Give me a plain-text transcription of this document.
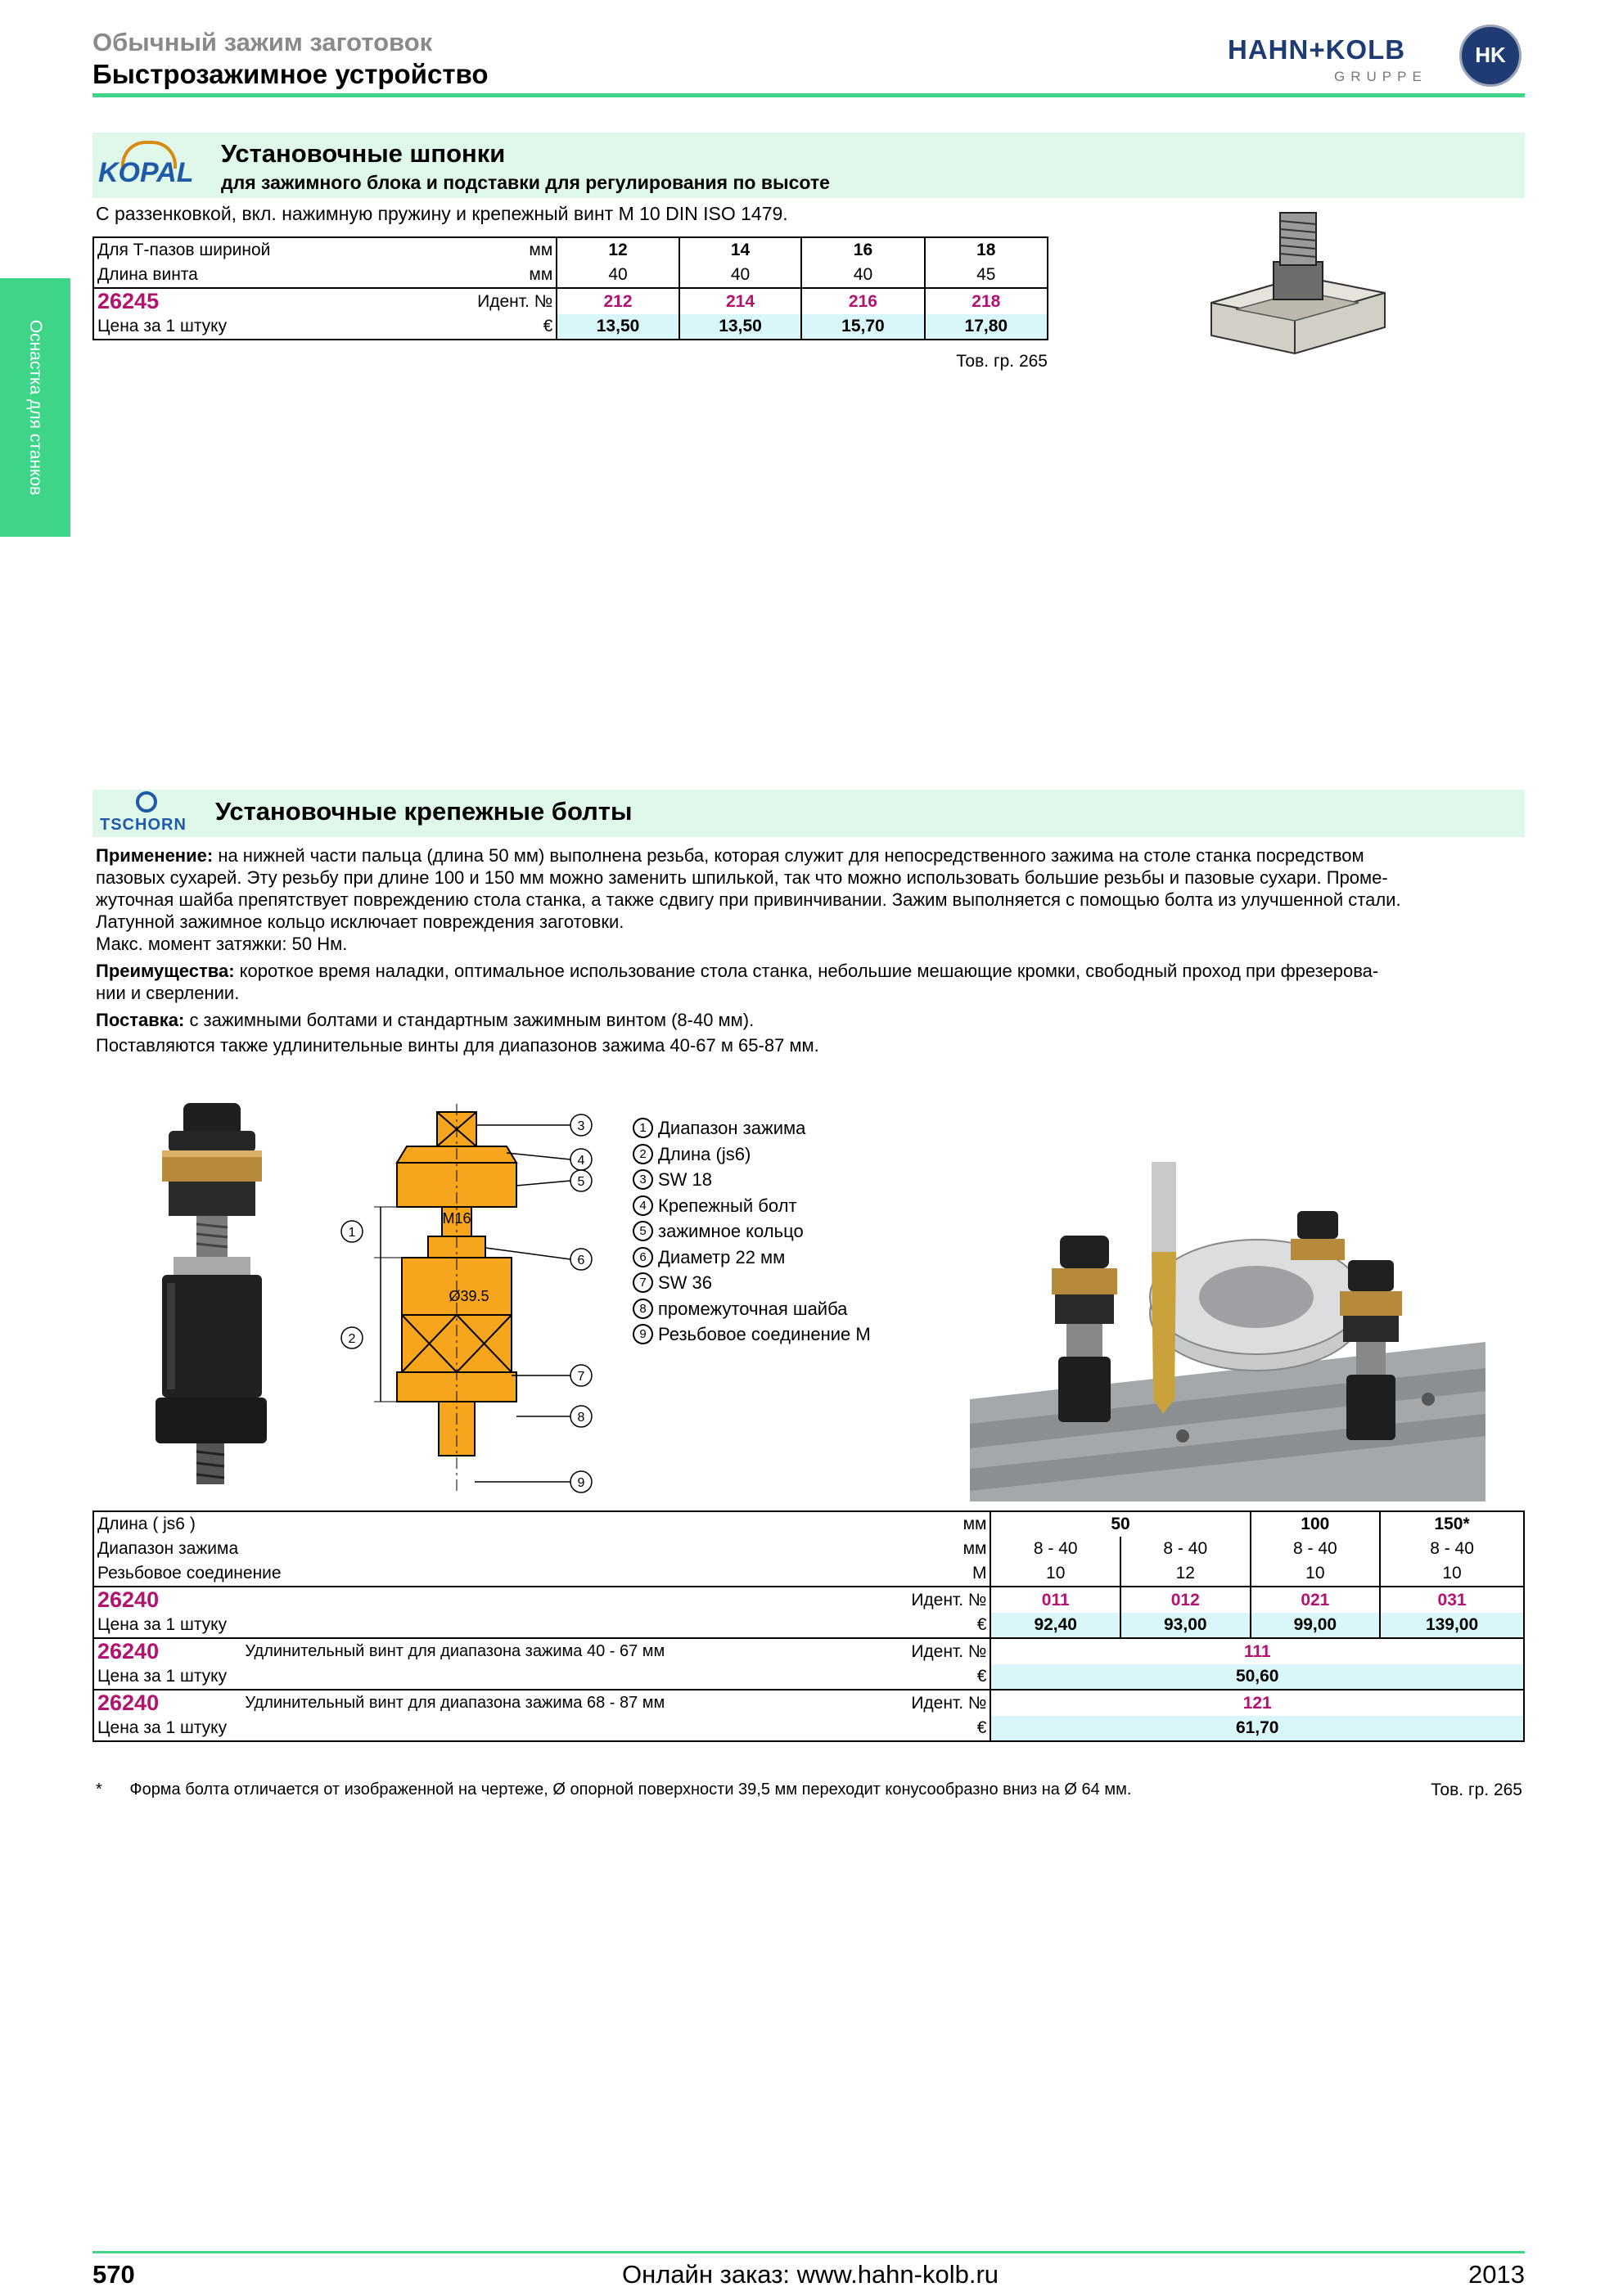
Обычный зажим заготовок
Быстрозажимное устройство
HAHN+KOLB
GRUPPE
HK
Оснастка для станков
KOPAL
Установочные шпонки
для зажимного блока и подставки для регулирования по высоте
С раззенковкой, вкл. нажимную пружину и крепежный винт M 10 DIN ISO 1479.
Для Т-пазов шириной	мм	12	14	16	18
Длина винта	мм	40	40	40	45
26245	Идент. №	212	214	216	218
Цена за 1 штуку	€	13,50	13,50	15,70	17,80
Тов. гр. 265
TSCHORN Установочные крепежные болты
Применение: на нижней части пальца (длина 50 мм) выполнена резьба, которая служит для непосредственного зажима на столе станка посредством
пазовых сухарей. Эту резьбу при длине 100 и 150 мм можно заменить шпилькой, так что можно использовать большие резьбы и пазовые сухари. Проме-
жуточная шайба препятствует повреждению стола станка, а также сдвигу при привинчивании. Зажим выполняется с помощью болта из улучшенной стали.
Латунной зажимное кольцо исключает повреждения заготовки.
Макс. момент затяжки: 50 Нм.
Преимущества: короткое время наладки, оптимальное использование стола станка, небольшие мешающие кромки, свободный проход при фрезерова-
нии и сверлении.
Поставка: с зажимными болтами и стандартным зажимным винтом (8-40 мм).
Поставляются также удлинительные винты для диапазонов зажима 40-67 м 65-87 мм.
M16
Ø39.5
1
2
3
4
5
6
7
8
9
1 Диапазон зажима
2 Длина (js6)
3 SW 18
4 Крепежный болт
5 зажимное кольцо
6 Диаметр 22 мм
7 SW 36
8 промежуточная шайба
9 Резьбовое соединение M
Длина ( js6 )		мм	50		100	150*
Диапазон зажима		мм	8 - 40	8 - 40	8 - 40	8 - 40
Резьбовое соединение		M	10	12	10	10
26240		Идент. №	011	012	021	031
Цена за 1 штуку		€	92,40	93,00	99,00	139,00
26240	Удлинительный винт для диапазона зажима 40 - 67 мм	Идент. №	111			
Цена за 1 штуку		€	50,60			
26240	Удлинительный винт для диапазона зажима 68 - 87 мм	Идент. №	121			
Цена за 1 штуку		€	61,70			
* Форма болта отличается от изображенной на чертеже, Ø опорной поверхности 39,5 мм переходит конусообразно вниз на Ø 64 мм.	Тов. гр. 265
570	Онлайн заказ: www.hahn-kolb.ru	2013
